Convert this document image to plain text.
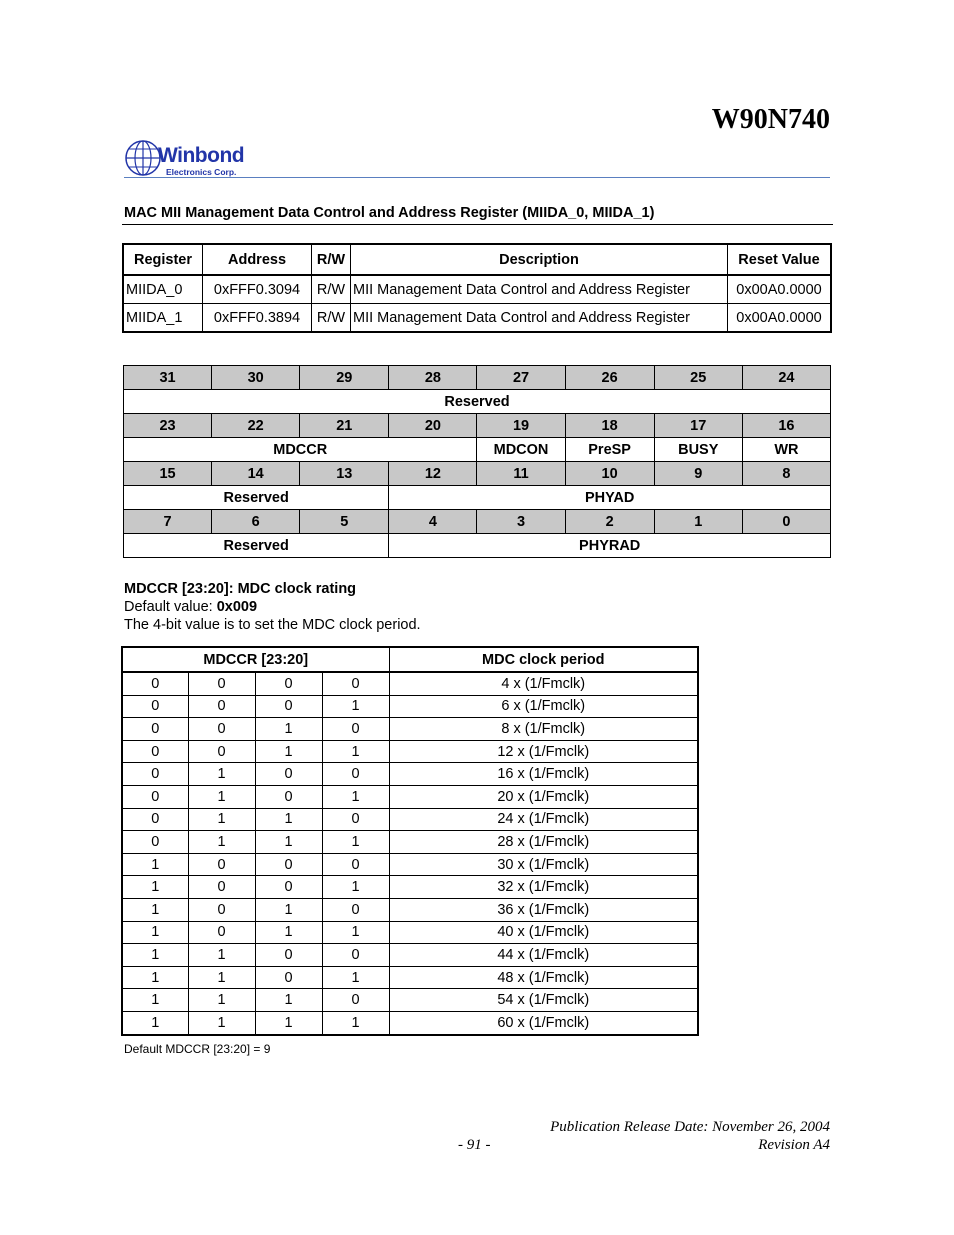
W90N740
Winbond
Electronics Corp.
MAC MII Management Data Control and Address Register (MIIDA_0, MIIDA_1)
Register	Address	R/W	Description	Reset Value
MIIDA_0	0xFFF0.3094	R/W	MII Management Data Control and Address Register	0x00A0.0000
MIIDA_1	0xFFF0.3894	R/W	MII Management Data Control and Address Register	0x00A0.0000
31	30	29	28	27	26	25	24
Reserved							
23	22	21	20	19	18	17	16
MDCCR				MDCON	PreSP	BUSY	WR
15	14	13	12	11	10	9	8
Reserved			PHYAD				
7	6	5	4	3	2	1	0
Reserved			PHYRAD				
MDCCR [23:20]: MDC clock rating
Default value: 0x009
The 4-bit value is to set the MDC clock period.
MDCCR [23:20]				MDC clock period
0	0	0	0	4 x (1/Fmclk)
0	0	0	1	6 x (1/Fmclk)
0	0	1	0	8 x (1/Fmclk)
0	0	1	1	12 x (1/Fmclk)
0	1	0	0	16 x (1/Fmclk)
0	1	0	1	20 x (1/Fmclk)
0	1	1	0	24 x (1/Fmclk)
0	1	1	1	28 x (1/Fmclk)
1	0	0	0	30 x (1/Fmclk)
1	0	0	1	32 x (1/Fmclk)
1	0	1	0	36 x (1/Fmclk)
1	0	1	1	40 x (1/Fmclk)
1	1	0	0	44 x (1/Fmclk)
1	1	0	1	48 x (1/Fmclk)
1	1	1	0	54 x (1/Fmclk)
1	1	1	1	60 x (1/Fmclk)
Default MDCCR [23:20] = 9
Publication Release Date: November 26, 2004
- 91 -	Revision A4
